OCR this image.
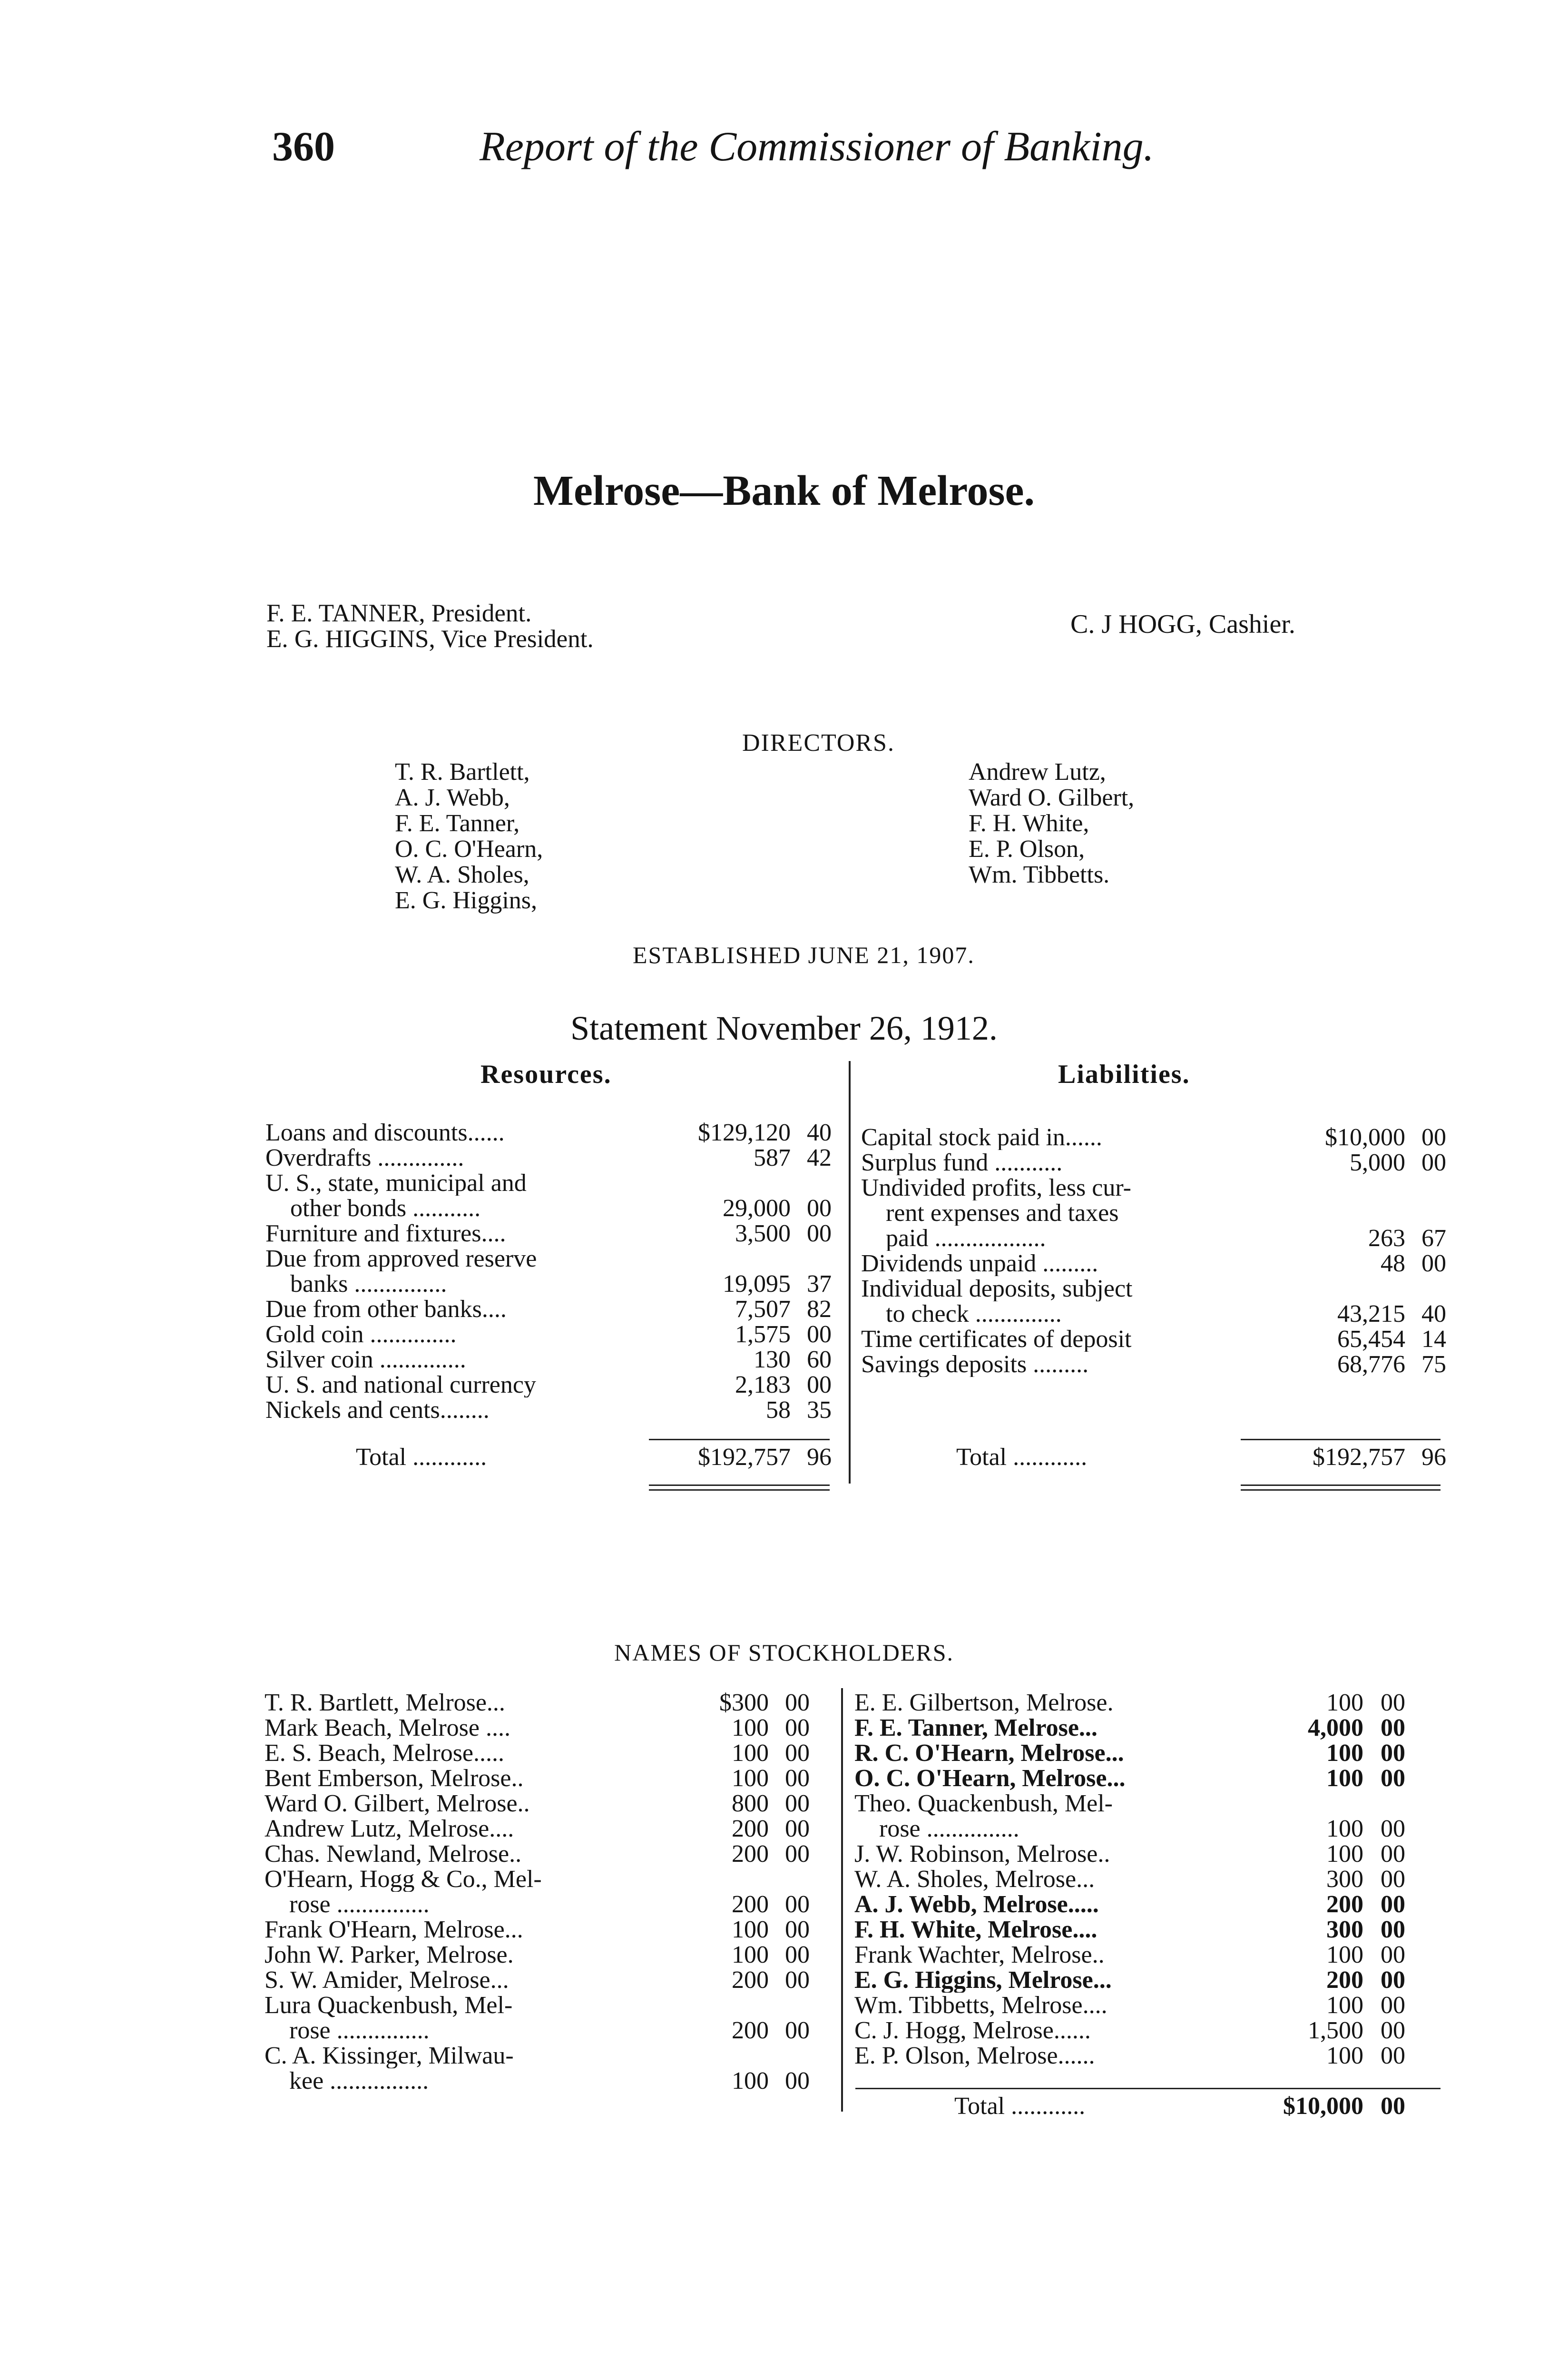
360	Report of the Commissioner of Banking.
Melrose—Bank of Melrose.
F. E. TANNER, President.
E. G. HIGGINS, Vice President.	C. J HOGG, Cashier.
DIRECTORS.
T. R. Bartlett,
A. J. Webb,
F. E. Tanner,
O. C. O'Hearn,
W. A. Sholes,
E. G. Higgins,
Andrew Lutz,
Ward O. Gilbert,
F. H. White,
E. P. Olson,
Wm. Tibbetts.
ESTABLISHED JUNE 21, 1907.
Statement November 26, 1912.
Resources.	Liabilities.
Loans and discounts......	$129,120 40
Overdrafts ..............	587 42
U. S., state, municipal and
other bonds ...........	29,000 00
Furniture and fixtures....	3,500 00
Due from approved reserve
banks ...............	19,095 37
Due from other banks....	7,507 82
Gold coin ..............	1,575 00
Silver coin ..............	130 60
U. S. and national currency	2,183 00
Nickels and cents........	58 35
Capital stock paid in......	$10,000 00
Surplus fund ...........	5,000 00
Undivided profits, less cur-
rent expenses and taxes
paid ..................	263 67
Dividends unpaid .........	48 00
Individual deposits, subject
to check ..............	43,215 40
Time certificates of deposit	65,454 14
Savings deposits .........	68,776 75
Total ............	$192,757 96	Total ............	$192,757 96
NAMES OF STOCKHOLDERS.
T. R. Bartlett, Melrose...	$300 00
Mark Beach, Melrose ....	100 00
E. S. Beach, Melrose.....	100 00
Bent Emberson, Melrose..	100 00
Ward O. Gilbert, Melrose..	800 00
Andrew Lutz, Melrose....	200 00
Chas. Newland, Melrose..	200 00
O'Hearn, Hogg & Co., Mel-
rose ...............	200 00
Frank O'Hearn, Melrose...	100 00
John W. Parker, Melrose.	100 00
S. W. Amider, Melrose...	200 00
Lura Quackenbush, Mel-
rose ...............	200 00
C. A. Kissinger, Milwau-
kee ................	100 00
E. E. Gilbertson, Melrose.	100 00
F. E. Tanner, Melrose...	4,000 00
R. C. O'Hearn, Melrose...	100 00
O. C. O'Hearn, Melrose...	100 00
Theo. Quackenbush, Mel-
rose ...............	100 00
J. W. Robinson, Melrose..	100 00
W. A. Sholes, Melrose...	300 00
A. J. Webb, Melrose.....	200 00
F. H. White, Melrose....	300 00
Frank Wachter, Melrose..	100 00
E. G. Higgins, Melrose...	200 00
Wm. Tibbetts, Melrose....	100 00
C. J. Hogg, Melrose......	1,500 00
E. P. Olson, Melrose......	100 00
Total ............	$10,000 00
